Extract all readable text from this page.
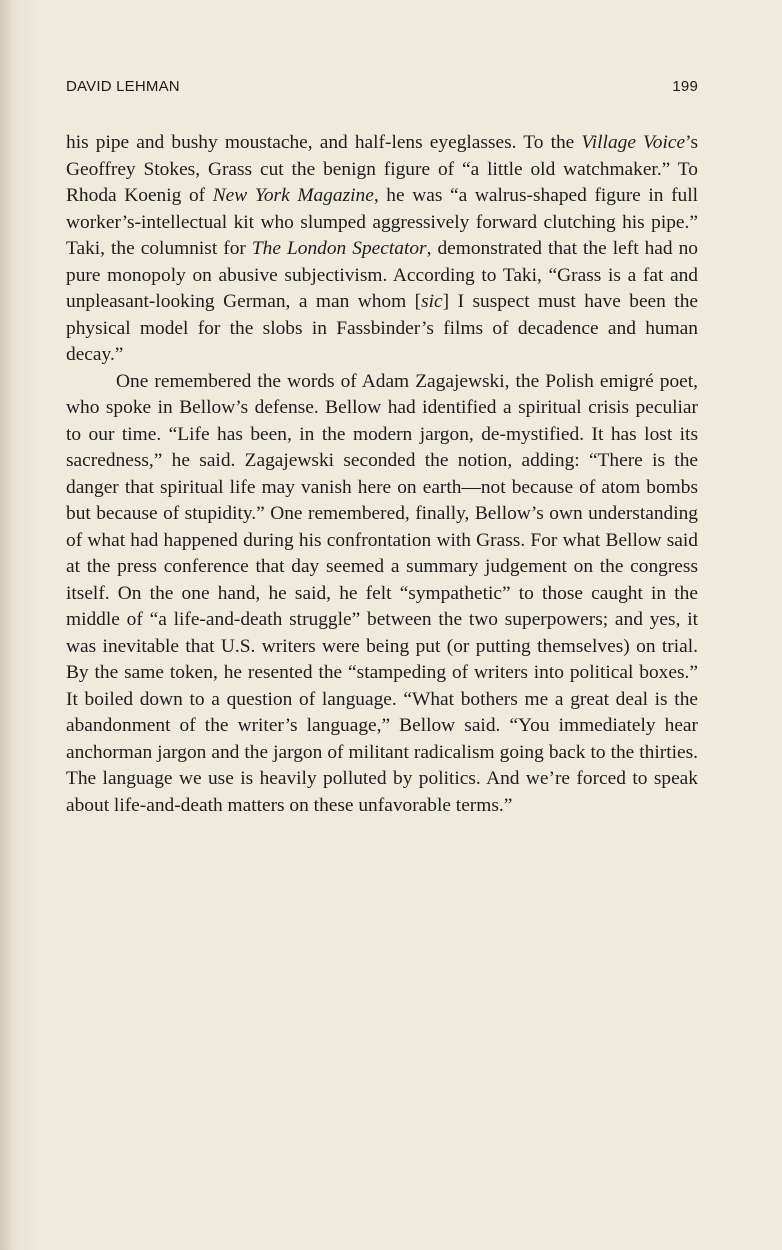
DAVID LEHMAN	199

his pipe and bushy moustache, and half-lens eyeglasses. To the Village Voice’s Geoffrey Stokes, Grass cut the benign figure of “a little old watchmaker.” To Rhoda Koenig of New York Magazine, he was “a walrus-shaped figure in full worker’s-intellectual kit who slumped aggressively forward clutching his pipe.” Taki, the columnist for The London Spectator, demonstrated that the left had no pure monopoly on abusive subjectivism. According to Taki, “Grass is a fat and unpleasant-looking German, a man whom [sic] I suspect must have been the physical model for the slobs in Fassbinder’s films of decadence and human decay.”

One remembered the words of Adam Zagajewski, the Polish emigré poet, who spoke in Bellow’s defense. Bellow had identified a spiritual crisis peculiar to our time. “Life has been, in the modern jargon, de-mystified. It has lost its sacredness,” he said. Zagajewski seconded the notion, adding: “There is the danger that spiritual life may vanish here on earth—not because of atom bombs but because of stupidity.” One remembered, finally, Bellow’s own understanding of what had happened during his confrontation with Grass. For what Bellow said at the press conference that day seemed a summary judgement on the congress itself. On the one hand, he said, he felt “sympathetic” to those caught in the middle of “a life-and-death struggle” between the two superpowers; and yes, it was inevitable that U.S. writers were being put (or putting themselves) on trial. By the same token, he resented the “stampeding of writers into political boxes.” It boiled down to a question of language. “What bothers me a great deal is the abandonment of the writer’s language,” Bellow said. “You immediately hear anchorman jargon and the jargon of militant radicalism going back to the thirties. The language we use is heavily polluted by politics. And we’re forced to speak about life-and-death matters on these unfavorable terms.”
